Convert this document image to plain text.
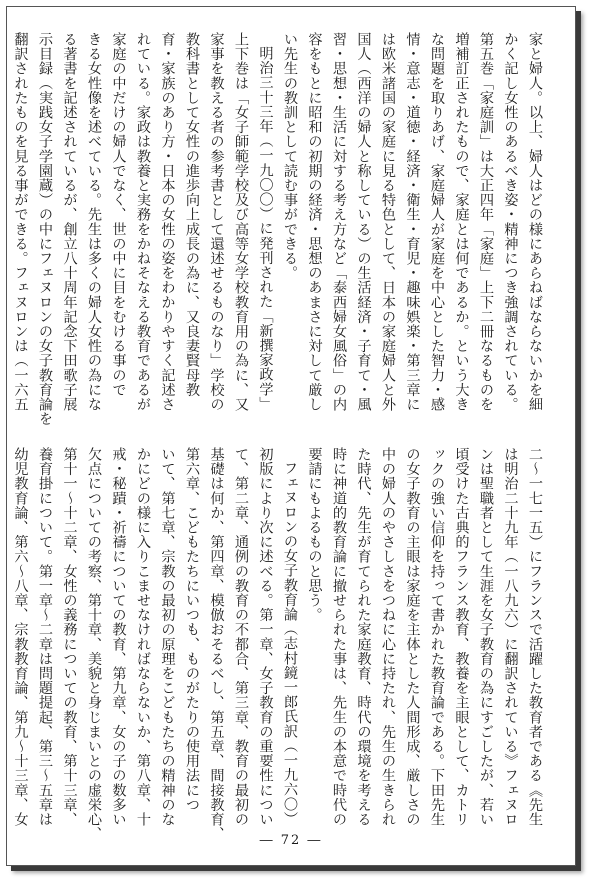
家と婦人。以上、婦人はどの様にあらねばならないかを細
かく記し女性のあるべき姿・精神につき強調されている。
第五巻「家庭訓」は大正四年「家庭」上下二冊なるものを
増補訂正されたもので、家庭とは何であるか。という大き
な問題を取りあげ、家庭婦人が家庭を中心とした智力・感
情・意志・道徳・経済・衛生・育児・趣味娯楽・第三章に
は欧米諸国の家庭に見る特色として、日本の家庭婦人と外
国人（西洋の婦人と称している）の生活経済・子育て・風
習・思想・生活に対する考え方など「泰西婦女風俗」の内
容をもとに昭和の初期の経済・思想のあまさに対して厳し
い先生の教訓として読む事ができる。
明治三十三年（一九〇〇）に発刊された「新撰家政学」
上下巻は「女子師範学校及び高等女学校教育用の為に、又
家事を教える者の参考書として還述せるものなり」学校の
教科書として女性の進歩向上成長の為に、又良妻賢母教
育・家族のあり方・日本の女性の姿をわかりやすく記述さ
れている。家政は教養と実務をかねそなえる教育であるが
家庭の中だけの婦人でなく、世の中に目をむける事ので
きる女性像を述べている。先生は多くの婦人女性の為にな
る著書を記述されているが、創立八十周年記念下田歌子展
示目録（実践女子学園蔵）の中にフェヌロンの女子教育論を
翻訳されたものを見る事ができる。フェヌロンは（一六五
二〜一七一五）にフランスで活躍した教育者である《先生
は明治二十九年（一八九六）に翻訳されている》フェヌロ
ンは聖職者として生涯を女子教育の為にすごしたが、若い
頃受けた古典的フランス教育、教養を主眼として、カトリ
ックの強い信仰を持って書かれた教育論である。下田先生
の女子教育の主眼は家庭を主体とした人間形成、厳しさの
中の婦人のやさしさをつねに心に持たれ、先生の生きられ
た時代、先生が育てられた家庭教育、時代の環境を考える
時に神道的教育論に撤せられた事は、先生の本意で時代の
要請にもよるものと思う。
フェヌロンの女子教育論（志村鏡一郎氏訳（一九六〇）
初版により次に述べる。第一章、女子教育の重要性につい
て、第二章、通例の教育の不都合、第三章、教育の最初の
基礎は何か、第四章、模倣おそるべし、第五章、間接教育、
第六章、こどもたちにいつも、ものがたりの使用法につ
いて、第七章、宗教の最初の原理をこどもたちの精神のな
かにどの様に入りこませなければならないか、第八章、十
戒・秘蹟・祈禱についての教育、第九章、女の子の数多い
欠点についての考察、第十章、美貌と身じまいとの虚栄心、
第十一〜十二章、女性の義務についての教育、第十三章、
養育掛について。第一章〜二章は問題提起、第三〜五章は
幼児教育論、第六〜八章、宗教教育論、第九〜十三章、女
― 72 ―
